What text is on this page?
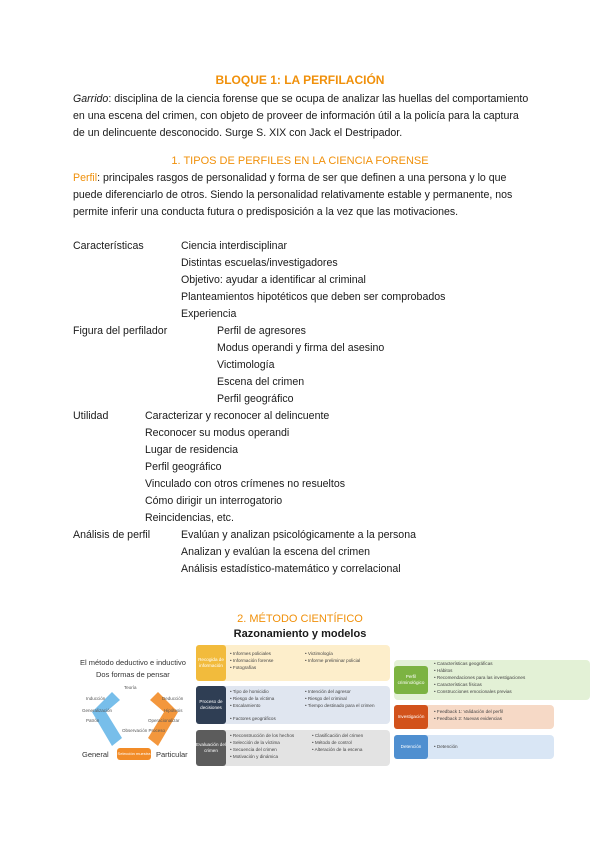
BLOQUE 1: LA PERFILACIÓN
Garrido: disciplina de la ciencia forense que se ocupa de analizar las huellas del comportamiento en una escena del crimen, con objeto de proveer de información útil a la policía para la captura de un delincuente desconocido. Surge S. XIX con Jack el Destripador.
1. TIPOS DE PERFILES EN LA CIENCIA FORENSE
Perfil: principales rasgos de personalidad y forma de ser que definen a una persona y lo que puede diferenciarlo de otros. Siendo la personalidad relativamente estable y permanente, nos permite inferir una conducta futura o predisposición a la vez que las motivaciones.
Características	Ciencia interdisciplinar
Distintas escuelas/investigadores
Objetivo: ayudar a identificar al criminal
Planteamientos hipotéticos que deben ser comprobados
Experiencia
Figura del perfilador	Perfil de agresores
Modus operandi y firma del asesino
Victimología
Escena del crimen
Perfil geográfico
Utilidad	Caracterizar y reconocer al delincuente
Reconocer su modus operandi
Lugar de residencia
Perfil geográfico
Vinculado con otros crímenes no resueltos
Cómo dirigir un interrogatorio
Reincidencias, etc.
Análisis de perfil	Evalúan y analizan psicológicamente a la persona
Analizan y evalúan la escena del crimen
Análisis estadístico-matemático y correlacional
2. MÉTODO CIENTÍFICO
Razonamiento y modelos
El método deductivo e inductivo
Dos formas de pensar
Teoría
Inducción	Deducción
Generalización	Hipótesis
Patrón	Operacionalizar
Observación Proceso
General	Particular
Selección muestra
Recogida de información
• Informes policiales
• Información forense
• Fotografías
• Victimología
• Informe preliminar policial
Proceso de decisiones
• Tipo de homicidio
• Riesgo de la víctima
• Escalamiento
• Intención del agresor
• Riesgo del criminal
• Tiempo destinado para el crimen
• Factores geográficos
Evaluación del crimen
• Reconstrucción de los hechos
• Selección de la víctima
• Secuencia del crimen
• Motivación y dinámica
• Clasificación del crimen
• Método de control
• Alteración de la escena
Perfil criminológico
• Características geográficas
• Hábitos
• Recomendaciones para las investigaciones
• Características físicas
• Construcciones emocionales previas
Investigación
• Feedback 1: Validación del perfil
• Feedback 2: Nuevas evidencias
Detención	• Detención
